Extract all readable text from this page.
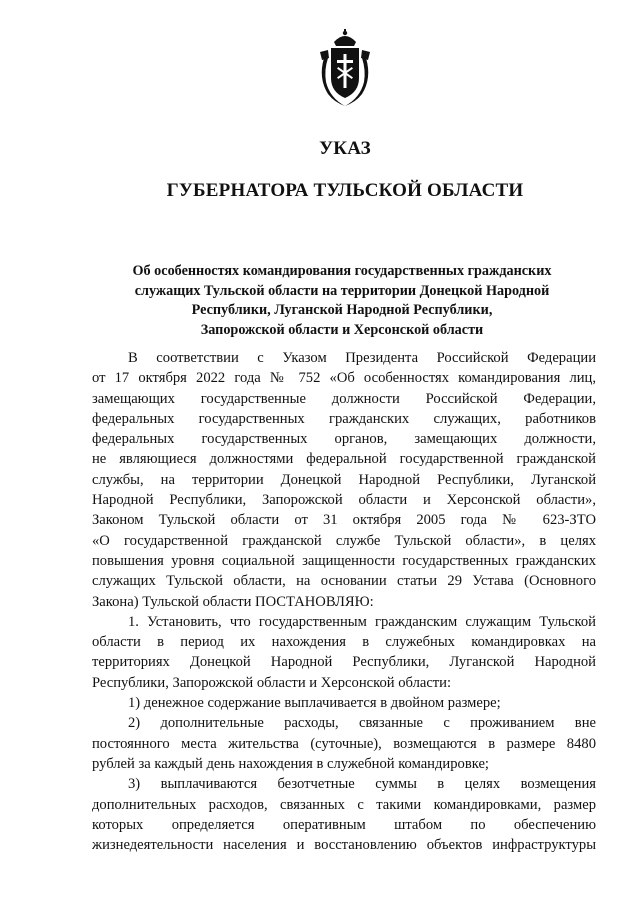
УКАЗ
ГУБЕРНАТОРА ТУЛЬСКОЙ ОБЛАСТИ
Об особенностях командирования государственных гражданских
служащих Тульской области на территории Донецкой Народной
Республики, Луганской Народной Республики,
Запорожской области и Херсонской области
В соответствии с Указом Президента Российской Федерации
от 17 октября 2022 года № 752 «Об особенностях командирования лиц,
замещающих государственные должности Российской Федерации,
федеральных государственных гражданских служащих, работников
федеральных государственных органов, замещающих должности,
не являющиеся должностями федеральной государственной гражданской
службы, на территории Донецкой Народной Республики, Луганской
Народной Республики, Запорожской области и Херсонской области»,
Законом Тульской области от 31 октября 2005 года № 623-ЗТО
«О государственной гражданской службе Тульской области», в целях
повышения уровня социальной защищенности государственных гражданских
служащих Тульской области, на основании статьи 29 Устава (Основного
Закона) Тульской области ПОСТАНОВЛЯЮ:
1. Установить, что государственным гражданским служащим Тульской
области в период их нахождения в служебных командировках на
территориях Донецкой Народной Республики, Луганской Народной
Республики, Запорожской области и Херсонской области:
1) денежное содержание выплачивается в двойном размере;
2) дополнительные расходы, связанные с проживанием вне
постоянного места жительства (суточные), возмещаются в размере 8480
рублей за каждый день нахождения в служебной командировке;
3) выплачиваются безотчетные суммы в целях возмещения
дополнительных расходов, связанных с такими командировками, размер
которых определяется оперативным штабом по обеспечению
жизнедеятельности населения и восстановлению объектов инфраструктуры
